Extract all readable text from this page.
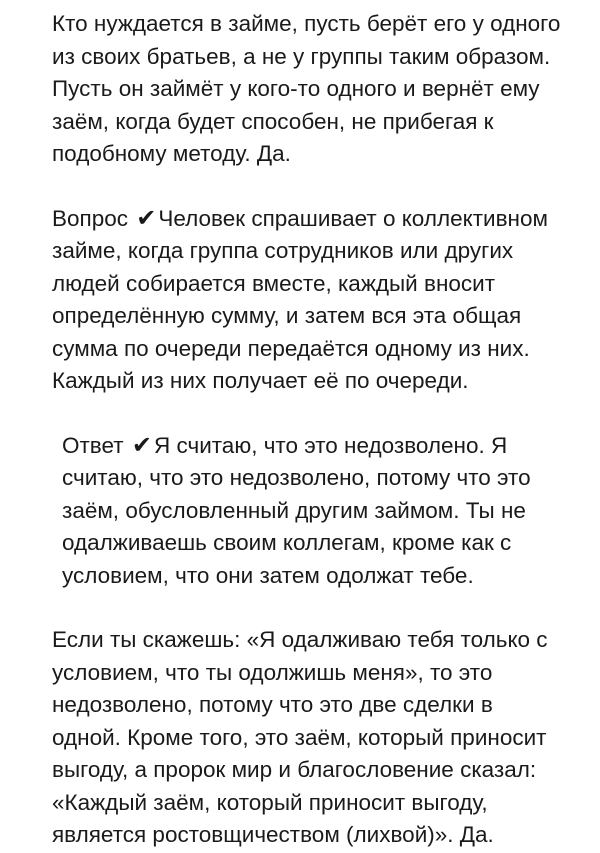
Кто нуждается в займе, пусть берёт его у одного из своих братьев, а не у группы таким образом. Пусть он займёт у кого-то одного и вернёт ему заём, когда будет способен, не прибегая к подобному методу. Да.

Вопрос ✔Человек спрашивает о коллективном займе, когда группа сотрудников или других людей собирается вместе, каждый вносит определённую сумму, и затем вся эта общая сумма по очереди передаётся одному из них. Каждый из них получает её по очереди.

Ответ ✔Я считаю, что это недозволено. Я считаю, что это недозволено, потому что это заём, обусловленный другим займом. Ты не одалживаешь своим коллегам, кроме как с условием, что они затем одолжат тебе.

Если ты скажешь: «Я одалживаю тебя только с условием, что ты одолжишь меня», то это недозволено, потому что это две сделки в одной. Кроме того, это заём, который приносит выгоду, а пророк мир и благословение сказал: «Каждый заём, который приносит выгоду, является ростовщичеством (лихвой)». Да.
